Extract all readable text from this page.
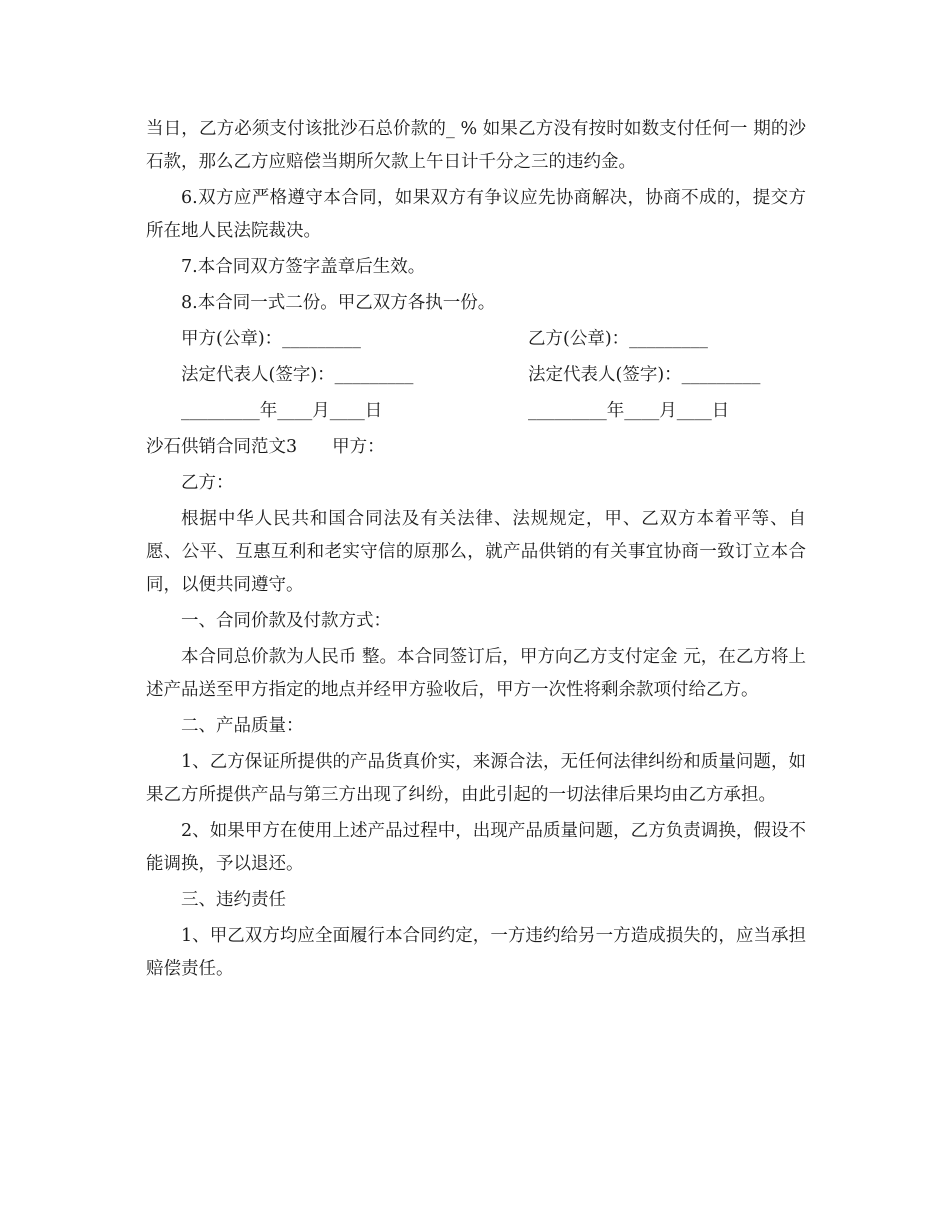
当日，乙方必须支付该批沙石总价款的_ % 如果乙方没有按时如数支付任何一 期的沙石款，那么乙方应赔偿当期所欠款上午日计千分之三的违约金。

6.双方应严格遵守本合同，如果双方有争议应先协商解决，协商不成的，提交方所在地人民法院裁决。

7.本合同双方签字盖章后生效。

8.本合同一式二份。甲乙双方各执一份。

甲方(公章)：_________	乙方(公章)：_________
法定代表人(签字)：_________	法定代表人(签字)：_________
_________年____月____日	_________年____月____日

沙石供销合同范文3　　甲方：

乙方：

根据中华人民共和国合同法及有关法律、法规规定，甲、乙双方本着平等、自愿、公平、互惠互利和老实守信的原那么，就产品供销的有关事宜协商一致订立本合同，以便共同遵守。

一、合同价款及付款方式：

本合同总价款为人民币 整。本合同签订后，甲方向乙方支付定金 元，在乙方将上述产品送至甲方指定的地点并经甲方验收后，甲方一次性将剩余款项付给乙方。

二、产品质量：

1、乙方保证所提供的产品货真价实，来源合法，无任何法律纠纷和质量问题，如果乙方所提供产品与第三方出现了纠纷，由此引起的一切法律后果均由乙方承担。

2、如果甲方在使用上述产品过程中，出现产品质量问题，乙方负责调换，假设不能调换，予以退还。

三、违约责任

1、甲乙双方均应全面履行本合同约定，一方违约给另一方造成损失的，应当承担赔偿责任。
